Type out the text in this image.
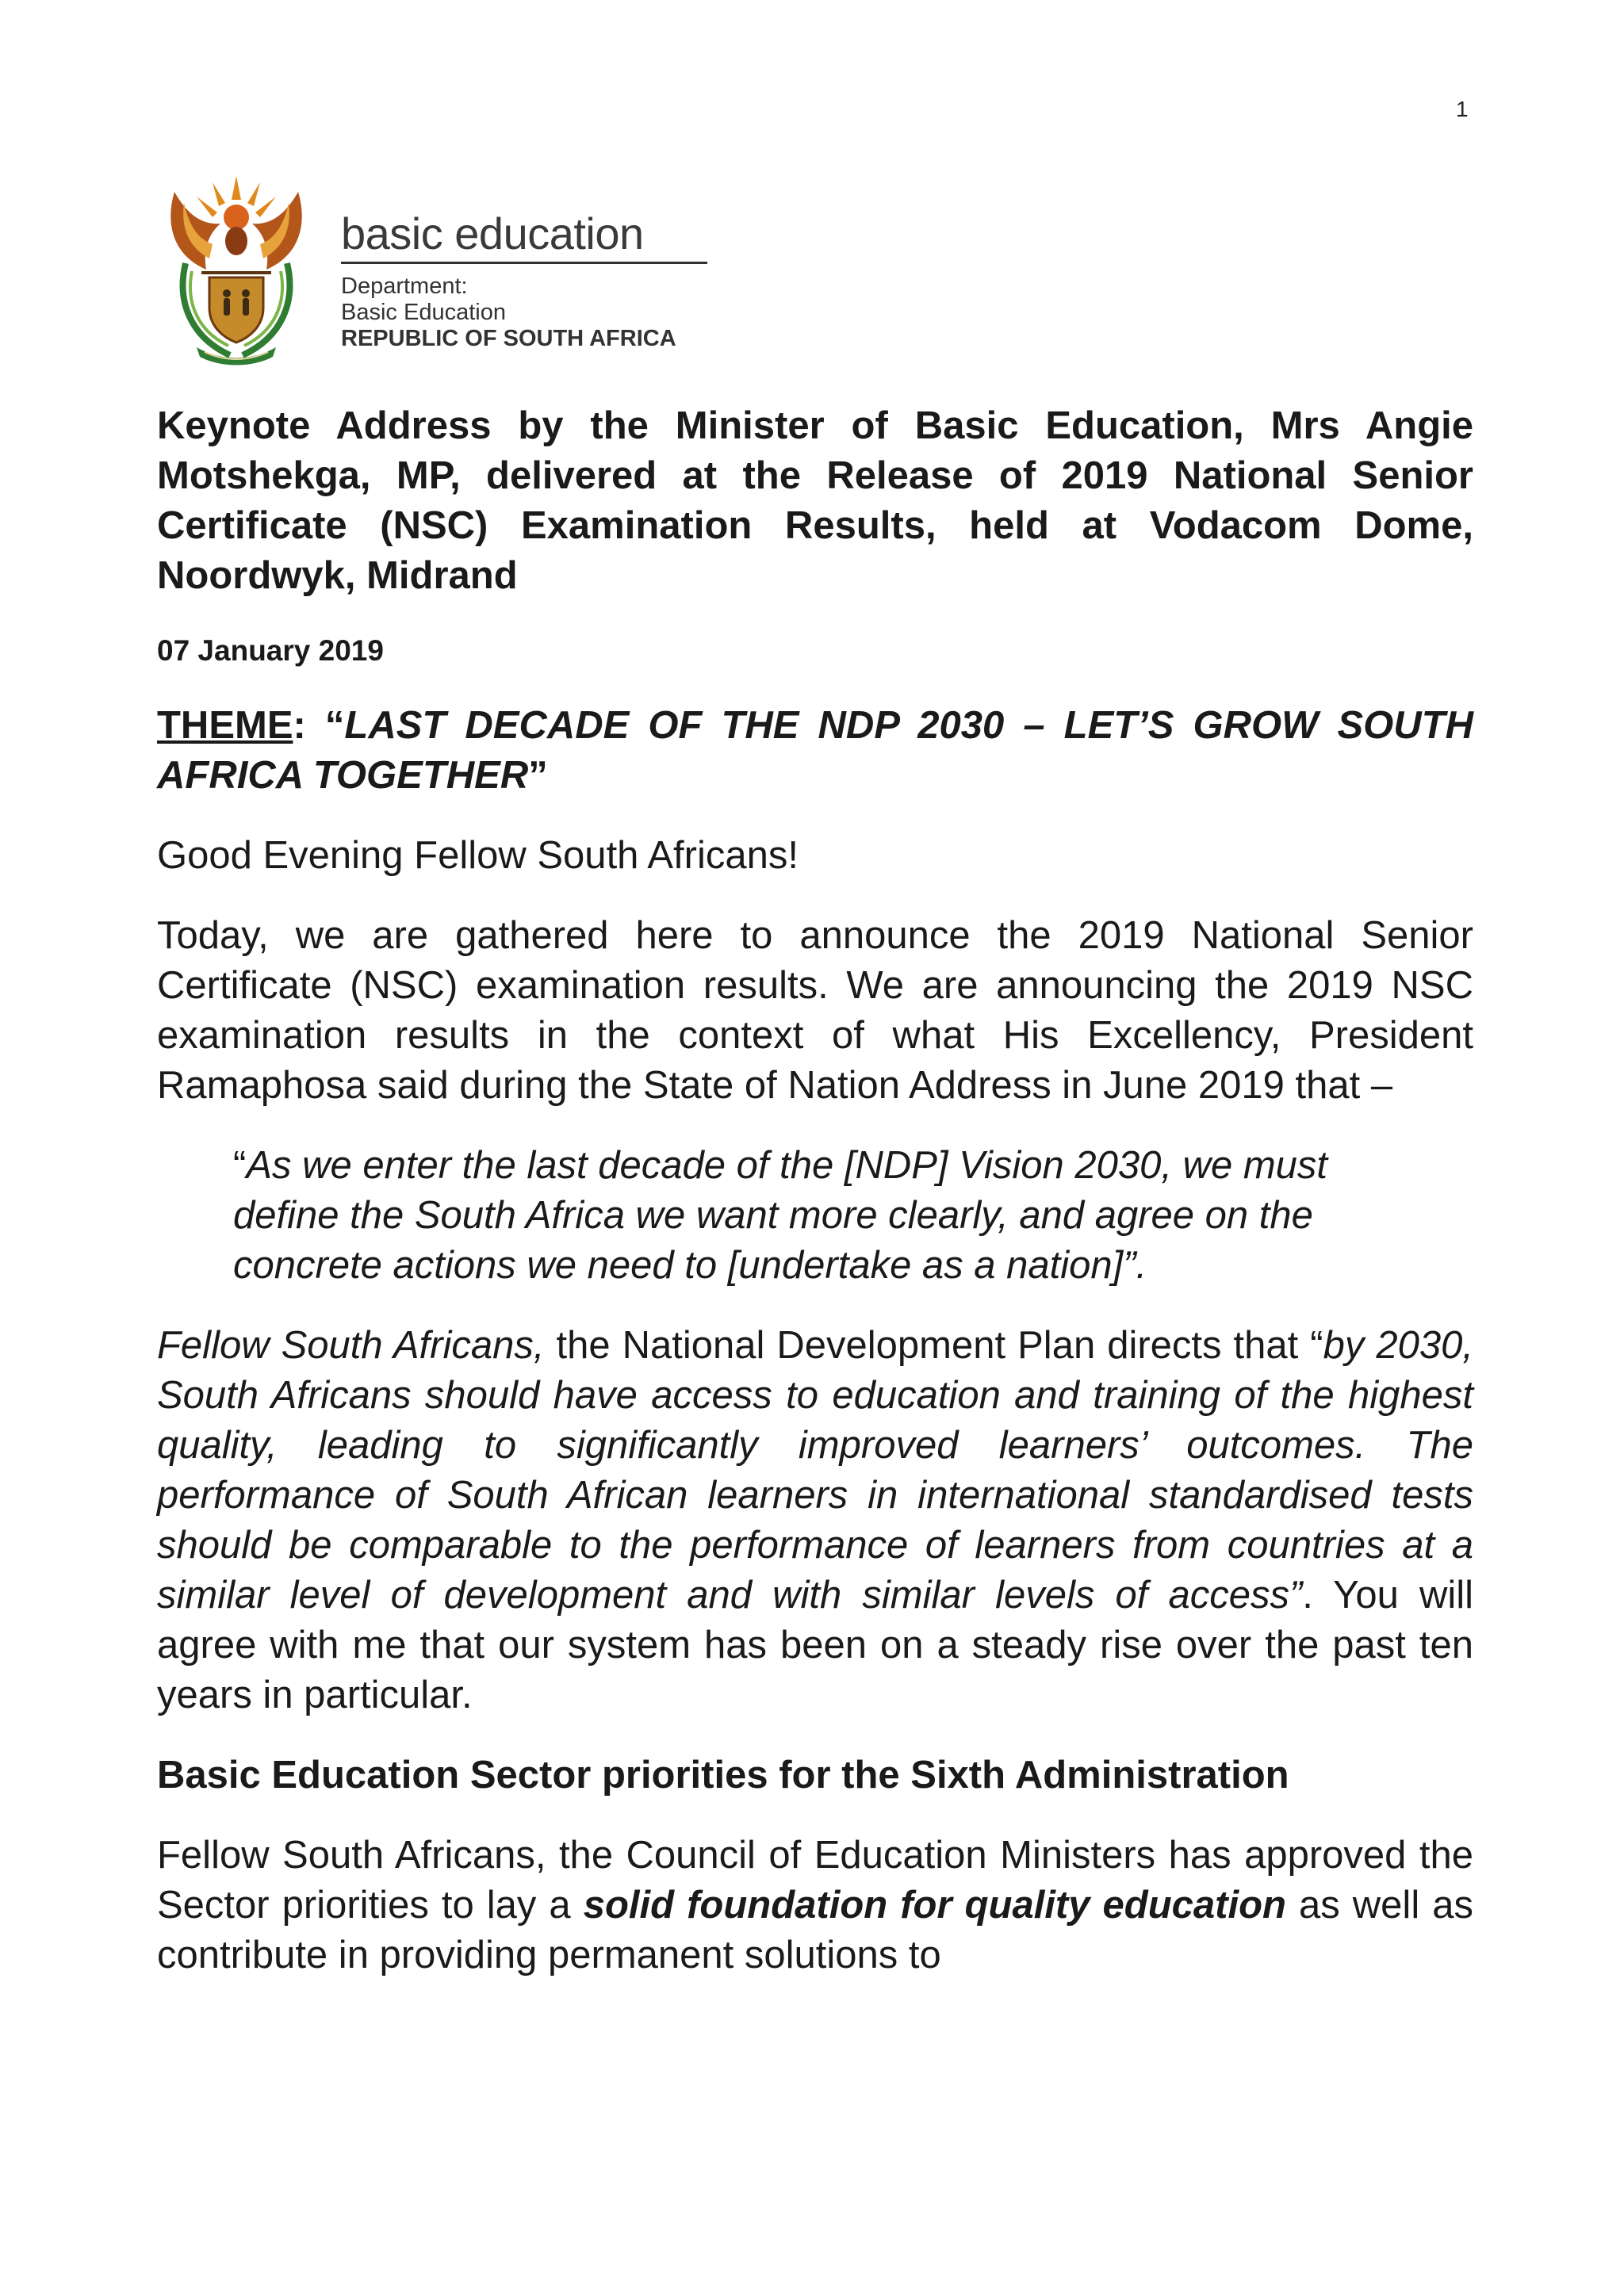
1
basic education
Department:
Basic Education
REPUBLIC OF SOUTH AFRICA
Keynote Address by the Minister of Basic Education, Mrs Angie Motshekga, MP, delivered at the Release of 2019 National Senior Certificate (NSC) Examination Results, held at Vodacom Dome, Noordwyk, Midrand
07 January 2019
THEME: “LAST DECADE OF THE NDP 2030 – LET’S GROW SOUTH AFRICA TOGETHER”

Good Evening Fellow South Africans!

Today, we are gathered here to announce the 2019 National Senior Certificate (NSC) examination results. We are announcing the 2019 NSC examination results in the context of what His Excellency, President Ramaphosa said during the State of Nation Address in June 2019 that –

“As we enter the last decade of the [NDP] Vision 2030, we must define the South Africa we want more clearly, and agree on the concrete actions we need to [undertake as a nation]”.

Fellow South Africans, the National Development Plan directs that “by 2030, South Africans should have access to education and training of the highest quality, leading to significantly improved learners’ outcomes. The performance of South African learners in international standardised tests should be comparable to the performance of learners from countries at a similar level of development and with similar levels of access”. You will agree with me that our system has been on a steady rise over the past ten years in particular.

Basic Education Sector priorities for the Sixth Administration

Fellow South Africans, the Council of Education Ministers has approved the Sector priorities to lay a solid foundation for quality education as well as contribute in providing permanent solutions to
